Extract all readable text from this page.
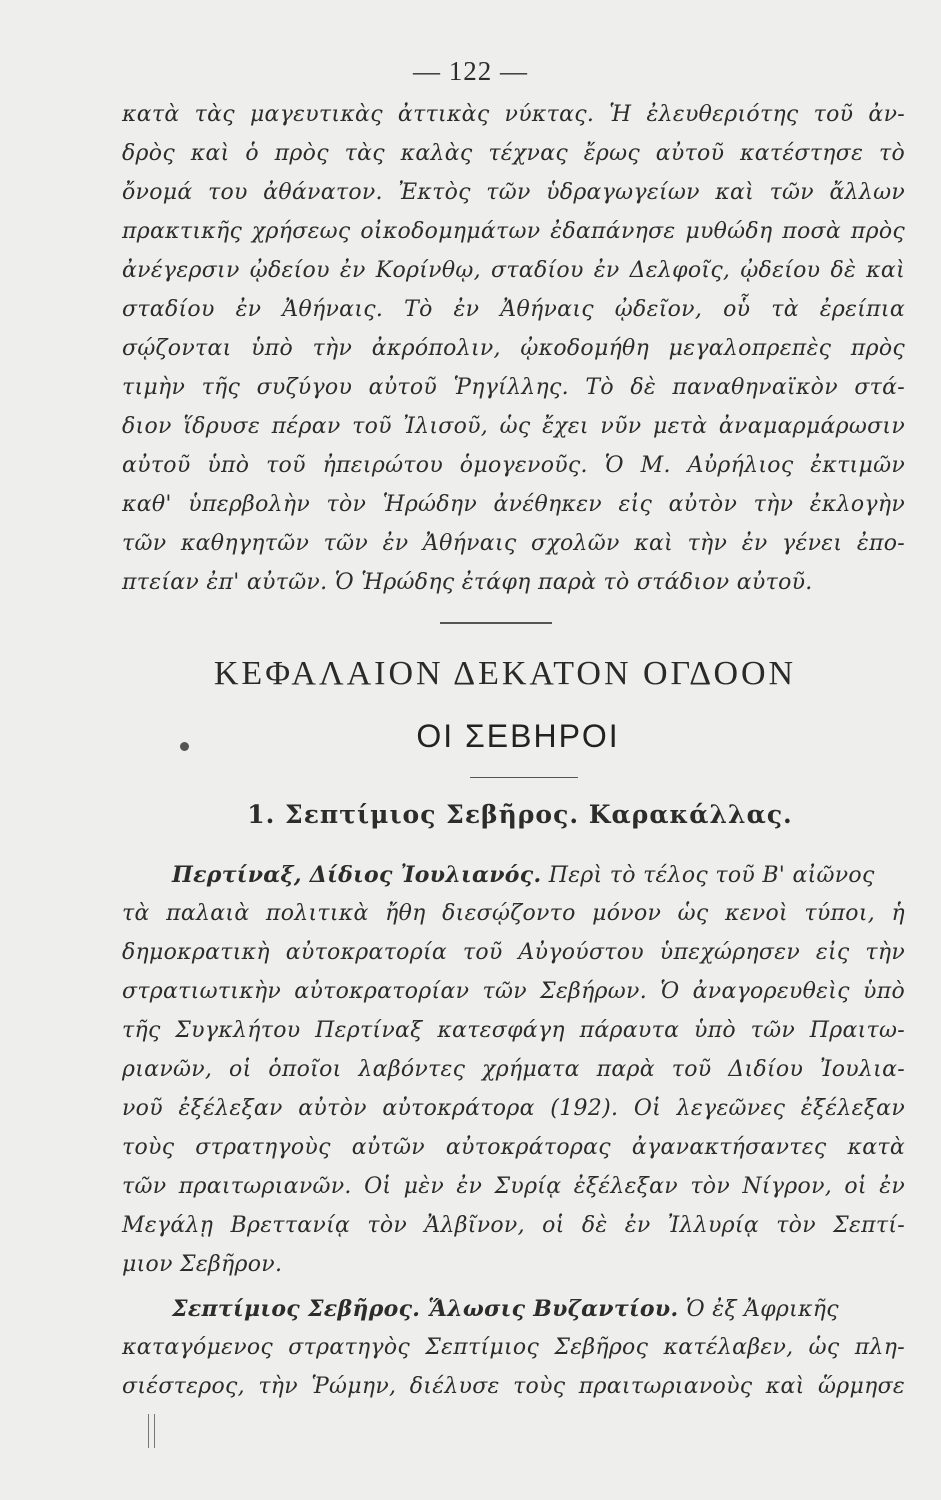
— 122 —
κατὰ τὰς μαγευτικὰς ἀττικὰς νύκτας. Ἡ ἐλευθεριότης τοῦ ἀν-
δρὸς καὶ ὁ πρὸς τὰς καλὰς τέχνας ἔρως αὐτοῦ κατέστησε τὸ
ὄνομά του ἀθάνατον. Ἐκτὸς τῶν ὑδραγωγείων καὶ τῶν ἄλλων
πρακτικῆς χρήσεως οἰκοδομημάτων ἐδαπάνησε μυθώδη ποσὰ πρὸς
ἀνέγερσιν ᾠδείου ἐν Κορίνθῳ, σταδίου ἐν Δελφοῖς, ᾠδείου δὲ καὶ
σταδίου ἐν Ἀθήναις. Τὸ ἐν Ἀθήναις ᾠδεῖον, οὗ τὰ ἐρείπια
σῴζονται ὑπὸ τὴν ἀκρόπολιν, ᾠκοδομήθη μεγαλοπρεπὲς πρὸς
τιμὴν τῆς συζύγου αὐτοῦ Ῥηγίλλης. Τὸ δὲ παναθηναϊκὸν στά-
διον ἵδρυσε πέραν τοῦ Ἰλισοῦ, ὡς ἔχει νῦν μετὰ ἀναμαρμάρωσιν
αὐτοῦ ὑπὸ τοῦ ἠπειρώτου ὁμογενοῦς. Ὁ Μ. Αὐρήλιος ἐκτιμῶν
καθ' ὑπερβολὴν τὸν Ἡρώδην ἀνέθηκεν εἰς αὐτὸν τὴν ἐκλογὴν
τῶν καθηγητῶν τῶν ἐν Ἀθήναις σχολῶν καὶ τὴν ἐν γένει ἐπο-
πτείαν ἐπ' αὐτῶν. Ὁ Ἡρώδης ἐτάφη παρὰ τὸ στάδιον αὐτοῦ.
ΚΕΦΑΛΑΙΟΝ ΔΕΚΑΤΟΝ ΟΓΔΟΟΝ
ΟΙ ΣΕΒΗΡΟΙ
1. Σεπτίμιος Σεβῆρος. Καρακάλλας.
Περτίναξ, Δίδιος Ἰουλιανός. Περὶ τὸ τέλος τοῦ Β' αἰῶνος
τὰ παλαιὰ πολιτικὰ ἤθη διεσῴζοντο μόνον ὡς κενοὶ τύποι, ἡ
δημοκρατικὴ αὐτοκρατορία τοῦ Αὐγούστου ὑπεχώρησεν εἰς τὴν
στρατιωτικὴν αὐτοκρατορίαν τῶν Σεβήρων. Ὁ ἀναγορευθεὶς ὑπὸ
τῆς Συγκλήτου Περτίναξ κατεσφάγη πάραυτα ὑπὸ τῶν Πραιτω-
ριανῶν, οἱ ὁποῖοι λαβόντες χρήματα παρὰ τοῦ Διδίου Ἰουλια-
νοῦ ἐξέλεξαν αὐτὸν αὐτοκράτορα (192). Οἱ λεγεῶνες ἐξέλεξαν
τοὺς στρατηγοὺς αὐτῶν αὐτοκράτορας ἀγανακτήσαντες κατὰ
τῶν πραιτωριανῶν. Οἱ μὲν ἐν Συρίᾳ ἐξέλεξαν τὸν Νίγρον, οἱ ἐν
Μεγάλῃ Βρεττανίᾳ τὸν Ἀλβῖνον, οἱ δὲ ἐν Ἰλλυρίᾳ τὸν Σεπτί-
μιον Σεβῆρον.
Σεπτίμιος Σεβῆρος. Ἅλωσις Βυζαντίου. Ὁ ἐξ Ἀφρικῆς
καταγόμενος στρατηγὸς Σεπτίμιος Σεβῆρος κατέλαβεν, ὡς πλη-
σιέστερος, τὴν Ῥώμην, διέλυσε τοὺς πραιτωριανοὺς καὶ ὥρμησε
